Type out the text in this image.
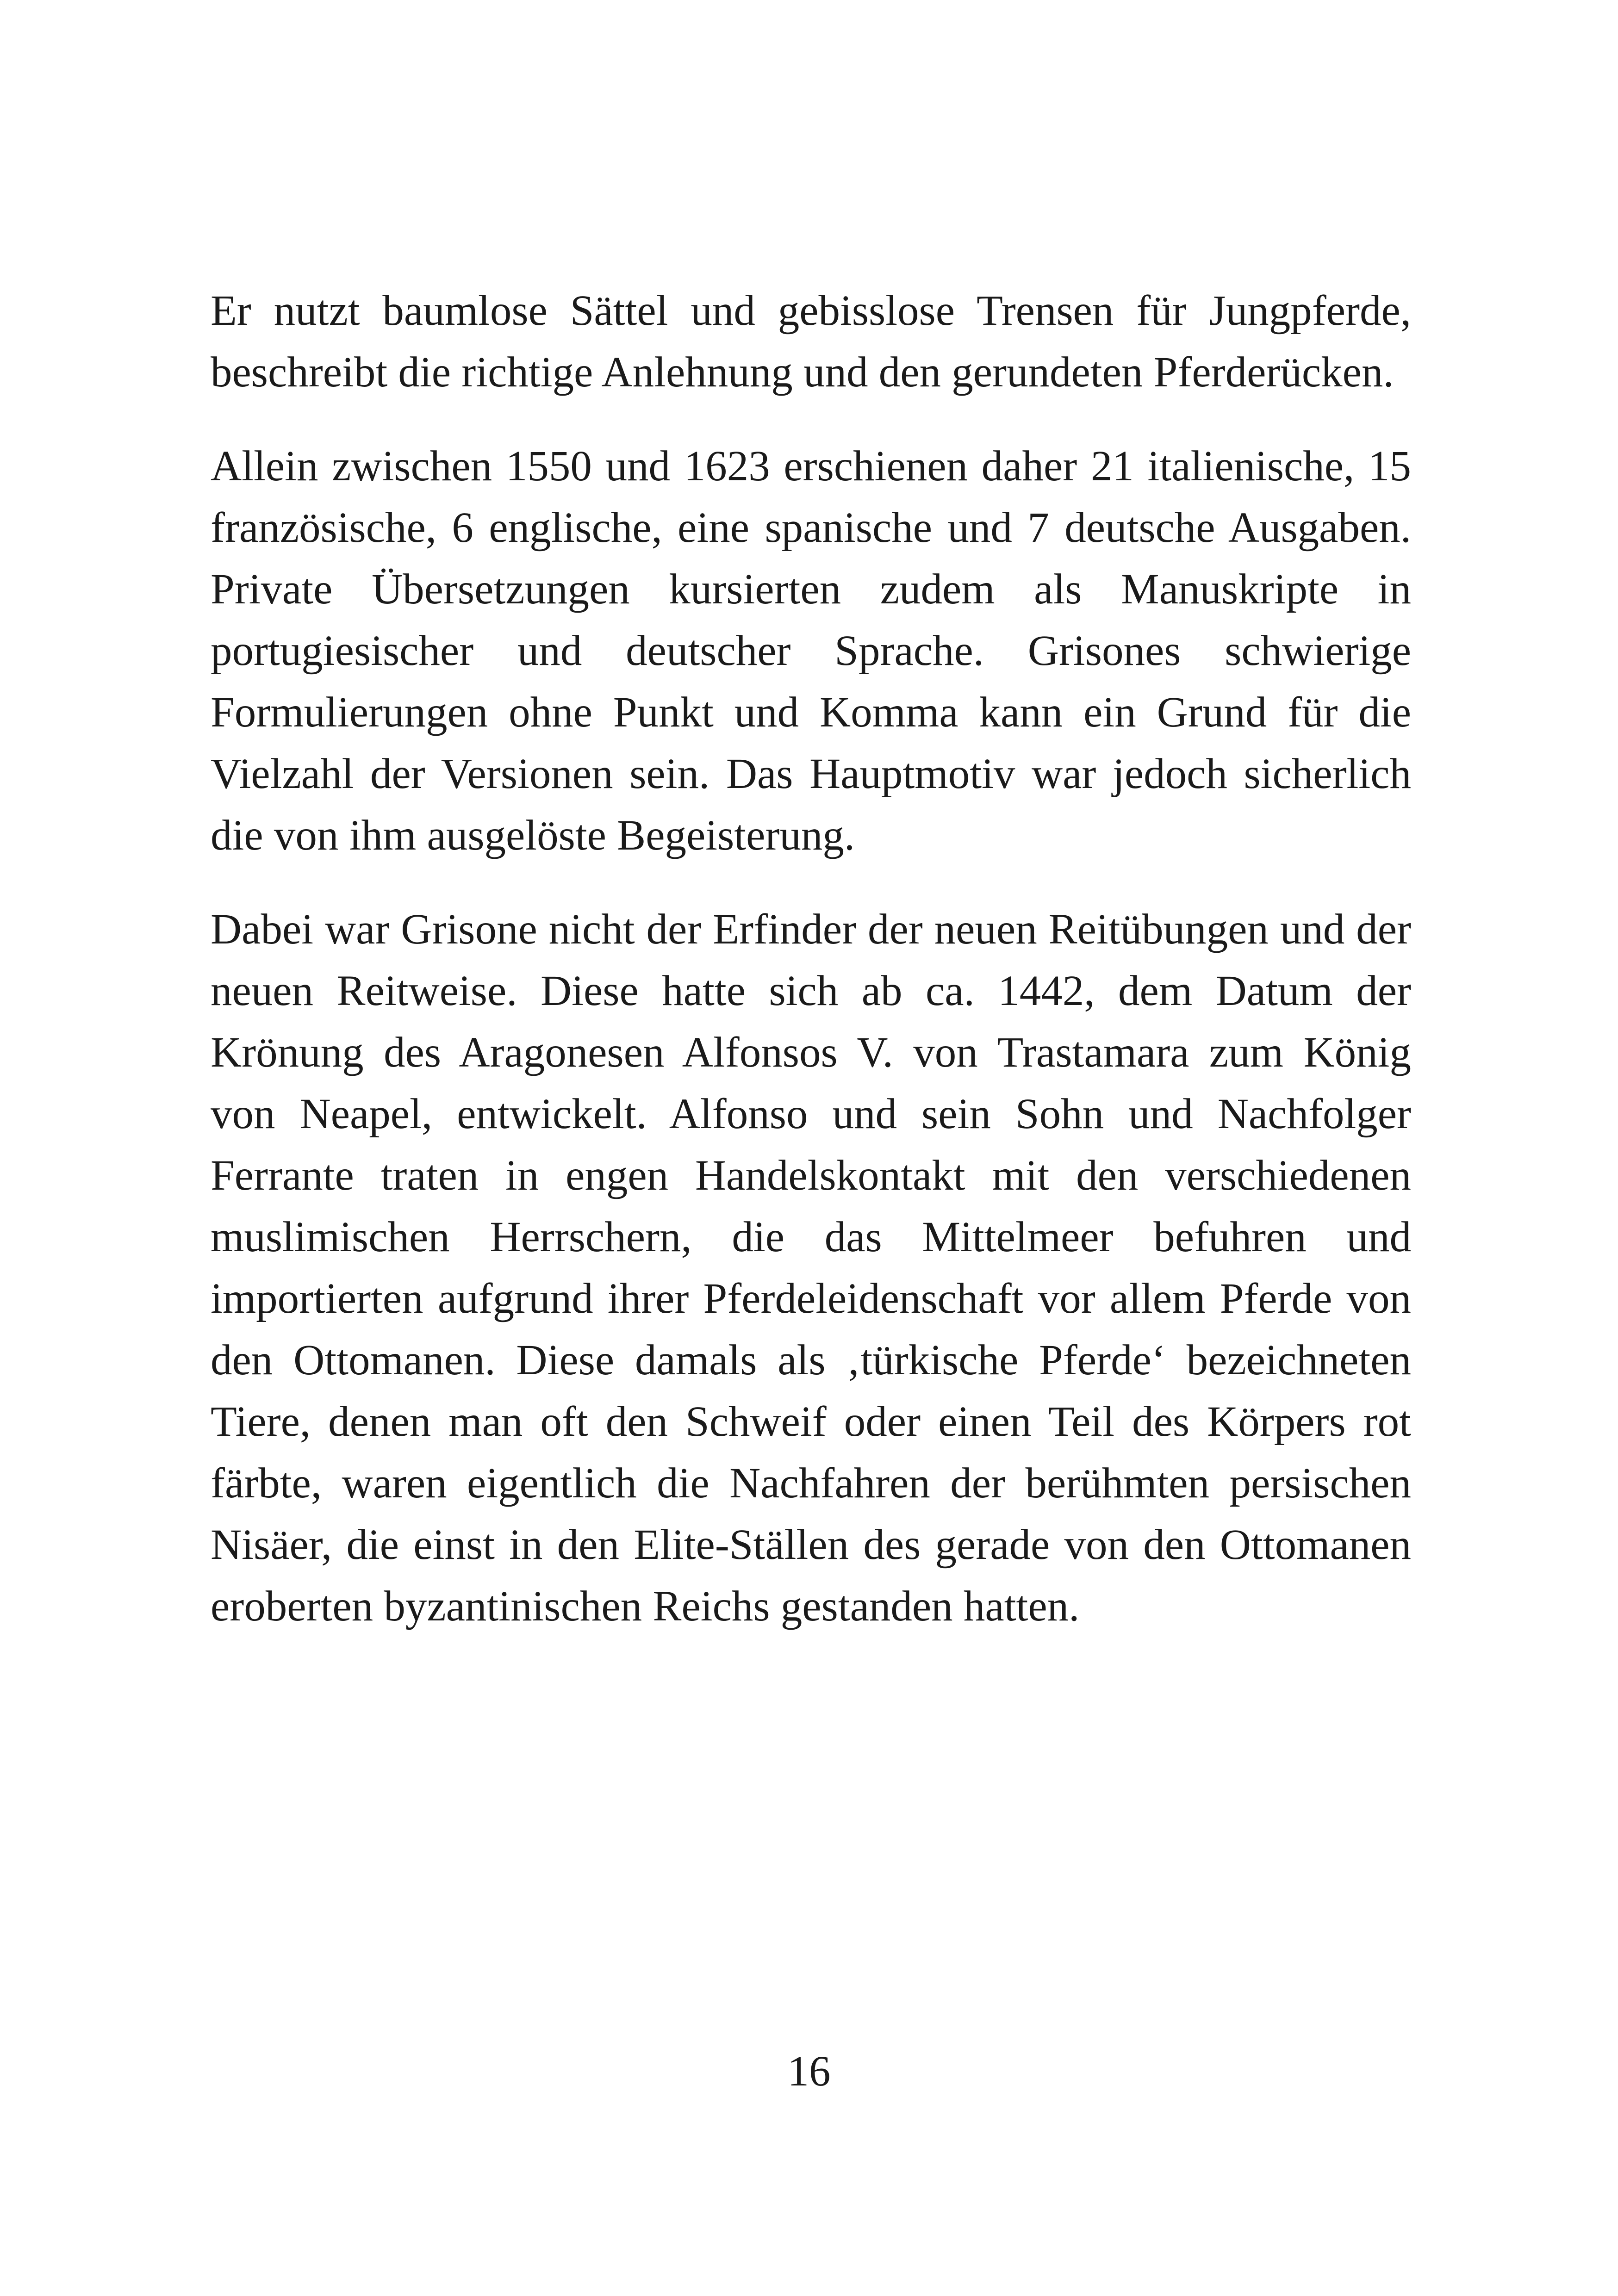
Er nutzt baumlose Sättel und gebisslose Trensen für Jungpferde, beschreibt die richtige Anlehnung und den gerundeten Pferderücken.

Allein zwischen 1550 und 1623 erschienen daher 21 italienische, 15 französische, 6 englische, eine spanische und 7 deutsche Ausgaben. Private Übersetzungen kursierten zudem als Manuskripte in portugiesischer und deutscher Sprache. Grisones schwierige Formulierungen ohne Punkt und Komma kann ein Grund für die Vielzahl der Versionen sein. Das Hauptmotiv war jedoch sicherlich die von ihm ausgelöste Begeisterung.

Dabei war Grisone nicht der Erfinder der neuen Reitübungen und der neuen Reitweise. Diese hatte sich ab ca. 1442, dem Datum der Krönung des Aragonesen Alfonsos V. von Trastamara zum König von Neapel, entwickelt. Alfonso und sein Sohn und Nachfolger Ferrante traten in engen Handelskontakt mit den verschiedenen muslimischen Herrschern, die das Mittelmeer befuhren und importierten aufgrund ihrer Pferdeleidenschaft vor allem Pferde von den Ottomanen. Diese damals als ‚türkische Pferde‘ bezeichneten Tiere, denen man oft den Schweif oder einen Teil des Körpers rot färbte, waren eigentlich die Nachfahren der berühmten persischen Nisäer, die einst in den Elite-Ställen des gerade von den Ottomanen eroberten byzantinischen Reichs gestanden hatten.

16
